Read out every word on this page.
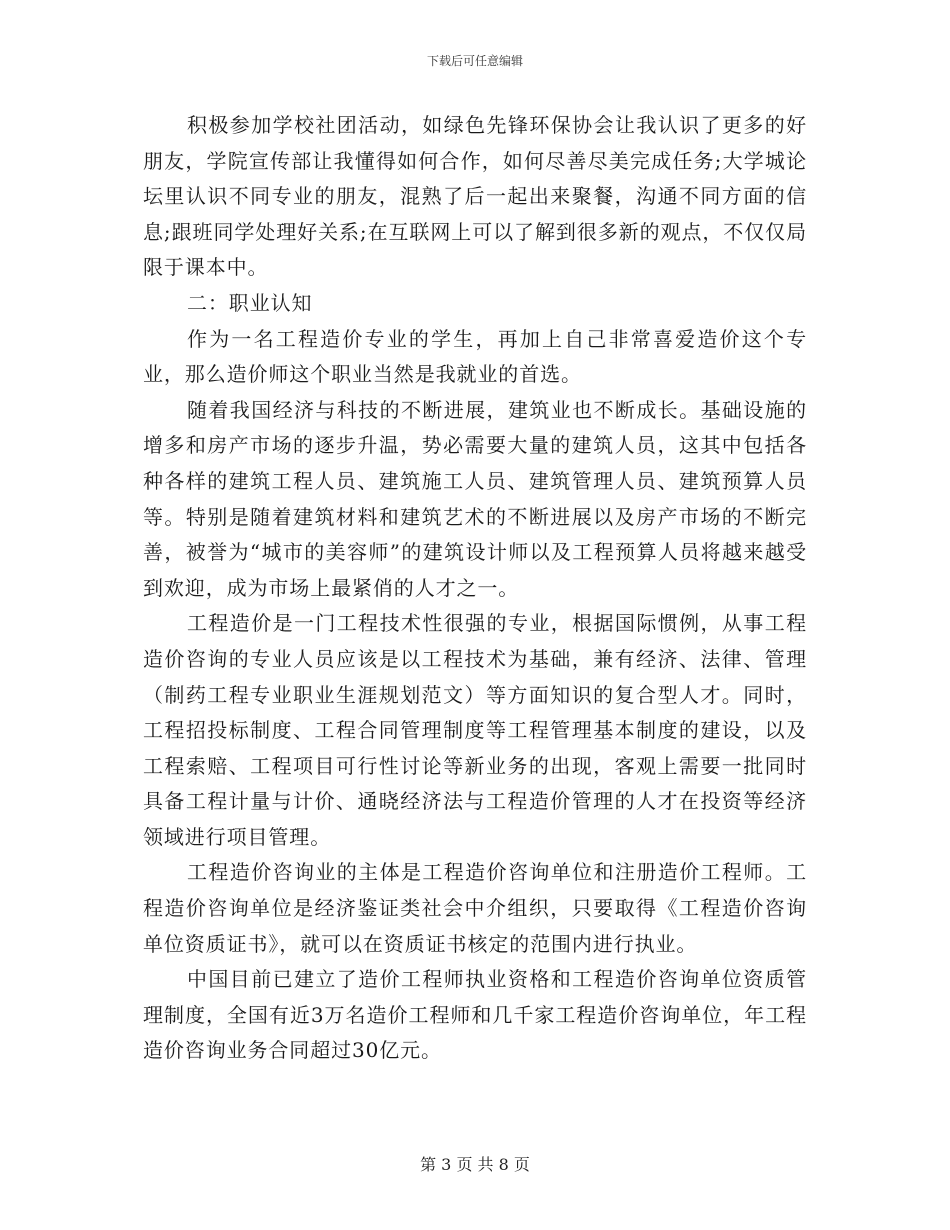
下载后可任意编辑

积极参加学校社团活动，如绿色先锋环保协会让我认识了更多的好朋友，学院宣传部让我懂得如何合作，如何尽善尽美完成任务;大学城论坛里认识不同专业的朋友，混熟了后一起出来聚餐，沟通不同方面的信息;跟班同学处理好关系;在互联网上可以了解到很多新的观点，不仅仅局限于课本中。

二：职业认知

作为一名工程造价专业的学生，再加上自己非常喜爱造价这个专业，那么造价师这个职业当然是我就业的首选。

随着我国经济与科技的不断进展，建筑业也不断成长。基础设施的增多和房产市场的逐步升温，势必需要大量的建筑人员，这其中包括各种各样的建筑工程人员、建筑施工人员、建筑管理人员、建筑预算人员等。特别是随着建筑材料和建筑艺术的不断进展以及房产市场的不断完善，被誉为“城市的美容师”的建筑设计师以及工程预算人员将越来越受到欢迎，成为市场上最紧俏的人才之一。

工程造价是一门工程技术性很强的专业，根据国际惯例，从事工程造价咨询的专业人员应该是以工程技术为基础，兼有经济、法律、管理（制药工程专业职业生涯规划范文）等方面知识的复合型人才。同时，工程招投标制度、工程合同管理制度等工程管理基本制度的建设，以及工程索赔、工程项目可行性讨论等新业务的出现，客观上需要一批同时具备工程计量与计价、通晓经济法与工程造价管理的人才在投资等经济领域进行项目管理。

工程造价咨询业的主体是工程造价咨询单位和注册造价工程师。工程造价咨询单位是经济鉴证类社会中介组织，只要取得《工程造价咨询单位资质证书》，就可以在资质证书核定的范围内进行执业。

中国目前已建立了造价工程师执业资格和工程造价咨询单位资质管理制度，全国有近3万名造价工程师和几千家工程造价咨询单位，年工程造价咨询业务合同超过30亿元。

第 3 页 共 8 页
